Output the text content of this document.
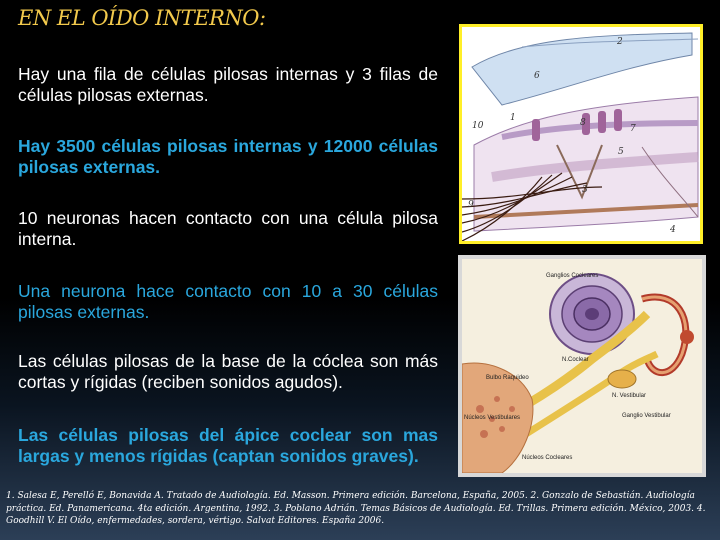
EN EL OÍDO INTERNO:
Hay una fila de células pilosas internas y 3 filas de células pilosas externas.
Hay 3500 células pilosas internas y 12000 células pilosas externas.
10 neuronas hacen contacto con una célula pilosa interna.
Una neurona hace contacto con 10 a 30 células pilosas externas.
Las células pilosas de la base de la cóclea son más cortas y rígidas (reciben sonidos agudos).
Las células pilosas del ápice coclear son mas largas y menos rígidas (captan sonidos graves).
1. Salesa E, Perelló E, Bonavida A. Tratado de Audiología. Ed. Masson. Primera edición. Barcelona, España, 2005. 2. Gonzalo de Sebastián. Audiología práctica. Ed. Panamericana. 4ta edición. Argentina, 1992. 3. Poblano Adrián. Temas Básicos de Audiología. Ed. Trillas. Primera edición. México, 2003. 4. Goodhill V. El Oído, enfermedades, sordera, vértigo. Salvat Editores. España 2006.
2
6
10
1	8
7
5
3
9
4
Ganglios Cocleares
N.Coclear
N. Vestibular
Bulbo Raquideo
Ganglio Vestibular
Núcleos Vestibulares
Núcleos Cocleares
